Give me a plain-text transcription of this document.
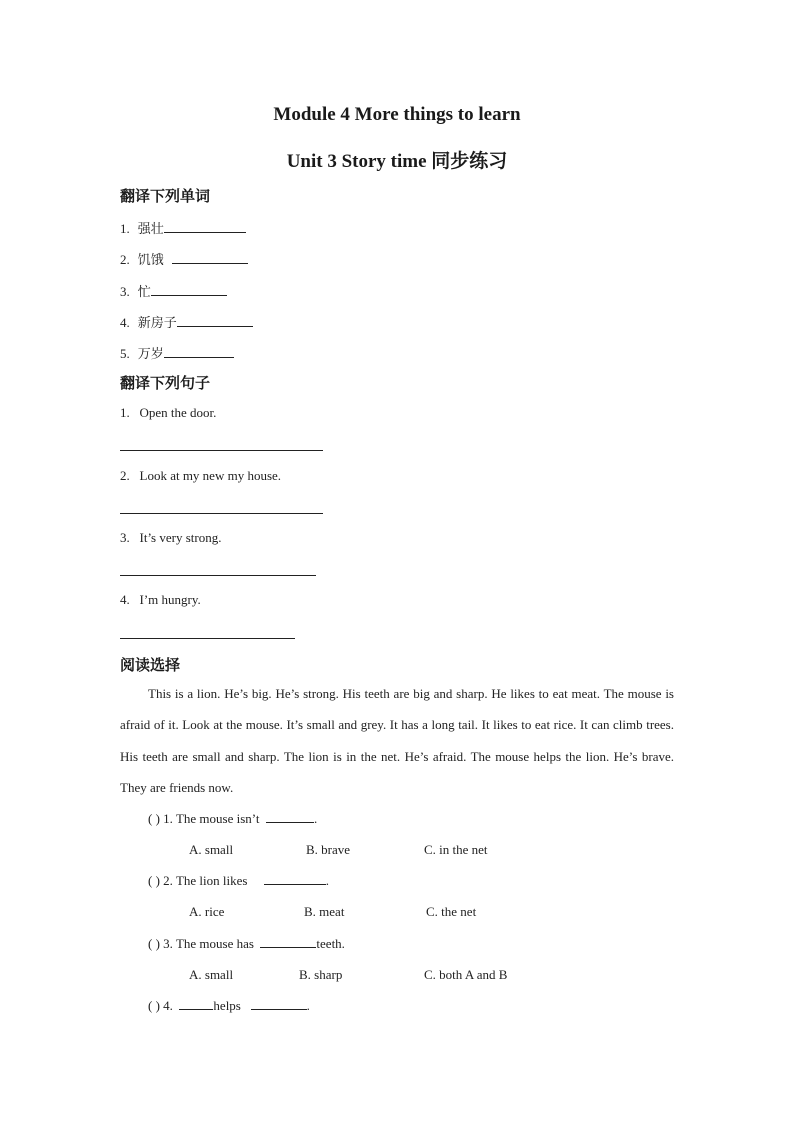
Module 4 More things to learn
Unit 3 Story time 同步练习
翻译下列单词
1. 强壮
2. 饥饿
3. 忙
4. 新房子
5. 万岁
翻译下列句子
1. Open the door.
2. Look at my new my house.
3. It’s very strong.
4. I’m hungry.
阅读选择
This is a lion. He’s big. He’s strong. His teeth are big and sharp. He likes to eat meat. The mouse is afraid of it. Look at the mouse. It’s small and grey. It has a long tail. It likes to eat rice. It can climb trees. His teeth are small and sharp. The lion is in the net. He’s afraid. The mouse helps the lion. He’s brave. They are friends now.
( ) 1. The mouse isn’t	.
A. small	B. brave	C. in the net
( ) 2. The lion likes	.
A. rice	B. meat	C. the net
( ) 3. The mouse has	teeth.
A. small	B. sharp	C. both A and B
( ) 4.	helps	.
